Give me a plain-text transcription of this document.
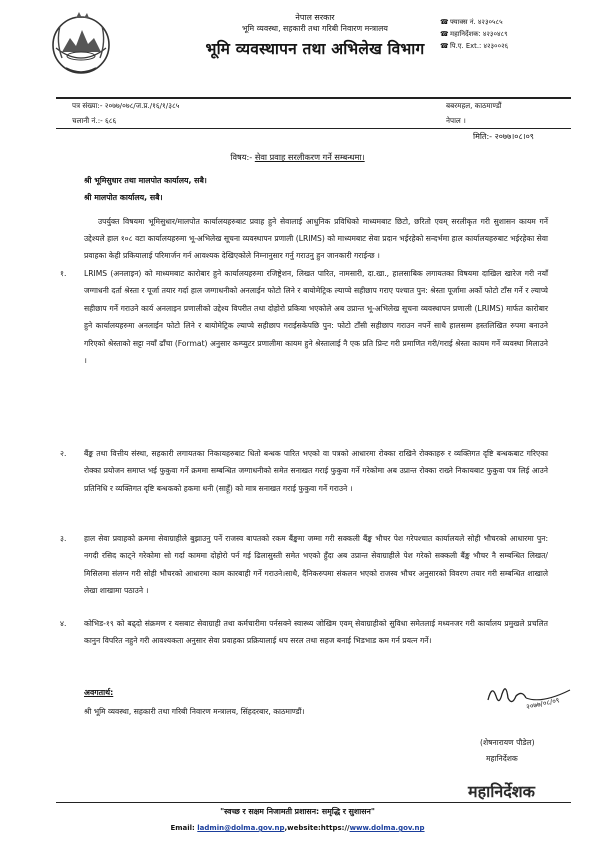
नेपाल सरकार
भूमि व्यवस्था, सहकारी तथा गरिबी निवारण मन्त्रालय
भूमि व्यवस्थापन तथा अभिलेख विभाग
☎फ्याक्स नं. ४२३०५८५
☎महानिर्देशक: ४२३०४८९
☎पि.ए. Ext.: ४२३००२६
पत्र संख्या:- २०७७/०७८/ज.प्र./१६/१/३८५
चलानी नं.:- ६८६
बबरमहल, काठमाण्डौं
नेपाल ।
मिति:- २०७७।०८।०९
विषय:- सेवा प्रवाह सरलीकरण गर्ने सम्बन्धमा।
श्री भूमिसुधार तथा मालपोत कार्यालय, सबै।
श्री मालपोत कार्यालय, सबै।
उपर्युक्त विषयमा भूमिसुधार/मालपोत कार्यालयहरुबाट प्रवाह हुने सेवालाई आधुनिक प्रविधिको माध्यमबाट छिटो, छरितो एवम् सरलीकृत गरी सुशासन कायम गर्ने उद्देश्यले हाल १०८ वटा कार्यालयहरुमा भू-अभिलेख सूचना व्यवस्थापन प्रणाली (LRIMS) को माध्यमबाट सेवा प्रदान भईरहेको सन्दर्भमा हाल कार्यालयहरुबाट भईरहेका सेवा प्रवाहका केही प्रकियालाई परिमार्जन गर्न आवश्यक देखिएकोले निम्नानुसार गर्नु गराउनु हुन जानकारी गराईन्छ ।
१. LRIMS (अनलाइन) को माध्यमबाट कारोबार हुने कार्यालयहरुमा रजिष्ट्रेशन, लिखत पारित, नामसारी, दा.खा., हालसाबिक लगायतका विषयमा दाखिल खारेज गरी नयाँ जग्गाधनी दर्ता श्रेस्ता र पूर्जा तयार गर्दा हाल जग्गाधनीको अनलाईन फोटो लिने र बायोमेट्रिक ल्याप्चे सहीछाप गराए पश्चात पुन: श्रेस्ता पूर्जामा अर्को फोटो टाँस गर्ने र ल्याप्चे सहीछाप गर्ने गराउने कार्य अनलाइन प्रणालीको उद्देश्य विपरीत तथा दोहोरो प्रकिया भएकोले अब उप्रान्त भू-अभिलेख सूचना व्यवस्थापन प्रणाली (LRIMS) मार्फत कारोबार हुने कार्यालयहरुमा अनलाईन फोटो लिने र बायोमेट्रिक ल्याप्चे सहीछाप गराईसकेपछि पुन: फोटो टाँसी सहीछाप गराउन नपर्ने साथै हालसम्म हस्तलिखित रुपमा बनाउने गरिएको श्रेस्ताको सट्टा नयाँ ढाँचा (Format) अनुसार कम्प्युटर प्रणालीमा कायम हुने श्रेस्तालाई नै एक प्रति प्रिन्ट गरी प्रमाणित गरी/गराई श्रेस्ता कायम गर्ने व्यवस्था मिलाउने ।
२. बैंङ्क तथा वित्तीय संस्था, सहकारी लगायतका निकायहरुबाट धितो बन्धक पारित भएको वा पत्रको आधारमा रोक्का राखिने रोक्काहरु र व्यक्तिगत दृष्टि बन्धकबाट गरिएका रोक्का प्रयोजन समाप्त भई फुकुवा गर्ने क्रममा सम्बन्धित जग्गाधनीको समेत सनाखत गराई फुकुवा गर्ने गरेकोमा अब उप्रान्त रोक्का राख्ने निकायबाट फुकुवा पत्र लिई आउने प्रतिनिधि र व्यक्तिगत दृष्टि बन्धकको हकमा धनी (साहूँ) को मात्र सनाखत गराई फुकुवा गर्ने गराउने ।
३. हाल सेवा प्रवाहको क्रममा सेवाग्राहीले बुझाउनु पर्ने राजस्व बापतको रकम बैंङ्कमा जम्मा गरी सक्कली बैंङ्क भौचर पेश गरेपश्चात कार्यालयले सोही भौचरको आधारमा पुन: नगदी रसिद काट्ने गरेकोमा सो गर्दा काममा दोहोरो पर्न गई ढिलासुस्ती समेत भएको हुँदा अब उप्रान्त सेवाग्राहीले पेश गरेको सक्कली बैंङ्क भौचर नै सम्बन्धित लिखत/मिसिलमा संलग्न गरी सोही भौचरको आधारमा काम कारबाही गर्ने गराउने।साथै, दैनिकरुपमा संकलन भएको राजस्व भौचर अनुसारको विवरण तयार गरी सम्बन्धित शाखाले लेखा शाखामा पठाउने ।
४. कोभिड-१९ को बढ्दो संक्रमण र यसबाट सेवाग्राही तथा कर्मचारीमा पर्नसक्ने स्वास्थ्य जोखिम एवम् सेवाग्राहीको सुविधा समेतलाई मध्यनजर गरी कार्यालय प्रमुखले प्रचलित कानुन विपरित नहुने गरी आवश्यकता अनुसार सेवा प्रवाहका प्रक्रियालाई थप सरल तथा सहज बनाई भिडभाड कम गर्न प्रयत्न गर्ने।
अवगतार्थ:
श्री भूमि व्यवस्था, सहकारी तथा गरिबी निवारण मन्त्रालय, सिंहदरबार, काठमाण्डौं।
२०७७/०८/०९
(शेषनारायण पौडेल)
महानिर्देशक
महानिर्देशक
"स्वच्छ र सक्षम निजामती प्रशासन: समृद्धि र सुशासन"
Email: ladmin@dolma.gov.np,website:https://www.dolma.gov.np
